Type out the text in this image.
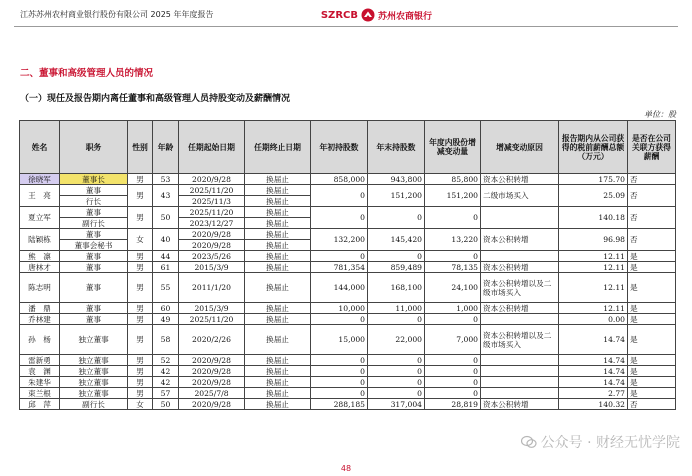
江苏苏州农村商业银行股份有限公司 2025 年年度报告	SZRCB 苏州农商银行
二、董事和高级管理人员的情况
（一）现任及报告期内离任董事和高级管理人员持股变动及薪酬情况
单位：股
姓名	职务	性别	年龄	任期起始日期	任期终止日期	年初持股数	年末持股数	年度内股份增减变动量	增减变动原因	报告期内从公司获得的税前薪酬总额（万元）	是否在公司关联方获得薪酬
徐晓军	董事长	男	53	2020/9/28	换届止	858,000	943,800	85,800	资本公积转增	175.70	否
王　亮	董事	男	43	2025/11/20	换届止	0	151,200	151,200	二级市场买入	25.09	否
	行长			2025/11/3	换届止						
夏立军	董事	男	50	2025/11/20	换届止	0	0	0		140.18	否
	副行长			2023/12/27	换届止						
陆颖栋	董事	女	40	2020/9/28	换届止	132,200	145,420	13,220	资本公积转增	96.98	否
	董事会秘书			2020/9/28	换届止						
熊　凛	董事	男	44	2023/5/26	换届止	0	0	0		12.11	是
唐林才	董事	男	61	2015/3/9	换届止	781,354	859,489	78,135	资本公积转增	12.11	是
陈志明	董事	男	55	2011/1/20	换届止	144,000	168,100	24,100	资本公积转增以及二级市场买入	12.11	是
潘　鼎	董事	男	60	2015/3/9	换届止	10,000	11,000	1,000	资本公积转增	12.11	是
乔林建	董事	男	49	2025/11/20	换届止	0	0	0		0.00	是
孙　杨	独立董事	男	58	2020/2/26	换届止	15,000	22,000	7,000	资本公积转增以及二级市场买入	14.74	是
雷新勇	独立董事	男	52	2020/9/28	换届止	0	0	0		14.74	是
袁　渊	独立董事	男	42	2020/9/28	换届止	0	0	0		14.74	是
朱建华	独立董事	男	42	2020/9/28	换届止	0	0	0		14.74	是
束兰根	独立董事	男	57	2025/7/8	换届止	0	0	0		2.77	是
邱　萍	副行长	女	50	2020/9/28	换届止	288,185	317,004	28,819	资本公积转增	140.32	否
48
公众号 · 财经无忧学院
